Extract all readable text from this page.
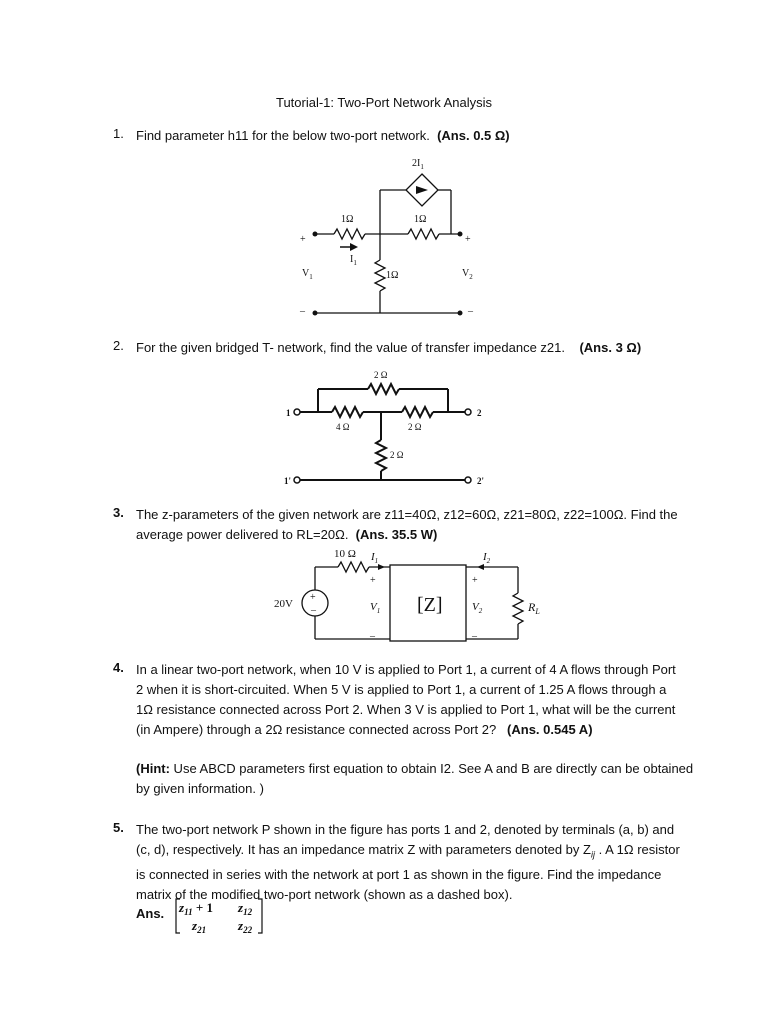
Tutorial-1: Two-Port Network Analysis
1. Find parameter h11 for the below two-port network. (Ans. 0.5 Ω)
$2I_1$
1Ω	1Ω
1Ω
$I_1$
$V_1$	$V_2$
+	+
–	–
2. For the given bridged T- network, find the value of transfer impedance z21. (Ans. 3 Ω)
2 Ω
4 Ω	2 Ω
2 Ω
1	2
1'	2'
3. The z-parameters of the given network are z11=40Ω, z12=60Ω, z21=80Ω, z22=100Ω. Find the
average power delivered to RL=20Ω. (Ans. 35.5 W)
+
–
10 Ω $I_1$	$I_2$
20V
+
$V_1$
–
[Z]
+
$V_2$
–
$R_L$
4. In a linear two-port network, when 10 V is applied to Port 1, a current of 4 A flows through Port
2 when it is short-circuited. When 5 V is applied to Port 1, a current of 1.25 A flows through a
1Ω resistance connected across Port 2. When 3 V is applied to Port 1, what will be the current
(in Ampere) through a 2Ω resistance connected across Port 2? (Ans. 0.545 A)
(Hint: Use ABCD parameters first equation to obtain I2. See A and B are directly can be obtained
by given information. )
5. The two-port network P shown in the figure has ports 1 and 2, denoted by terminals (a, b) and
(c, d), respectively. It has an impedance matrix Z with parameters denoted by $Z_{ij}$ . A 1Ω resistor
is connected in series with the network at port 1 as shown in the figure. Find the impedance
matrix of the modified two-port network (shown as a dashed box).
Ans. $z_{11} + 1$ $z_{12}$
$z_{21}$ $z_{22}$
